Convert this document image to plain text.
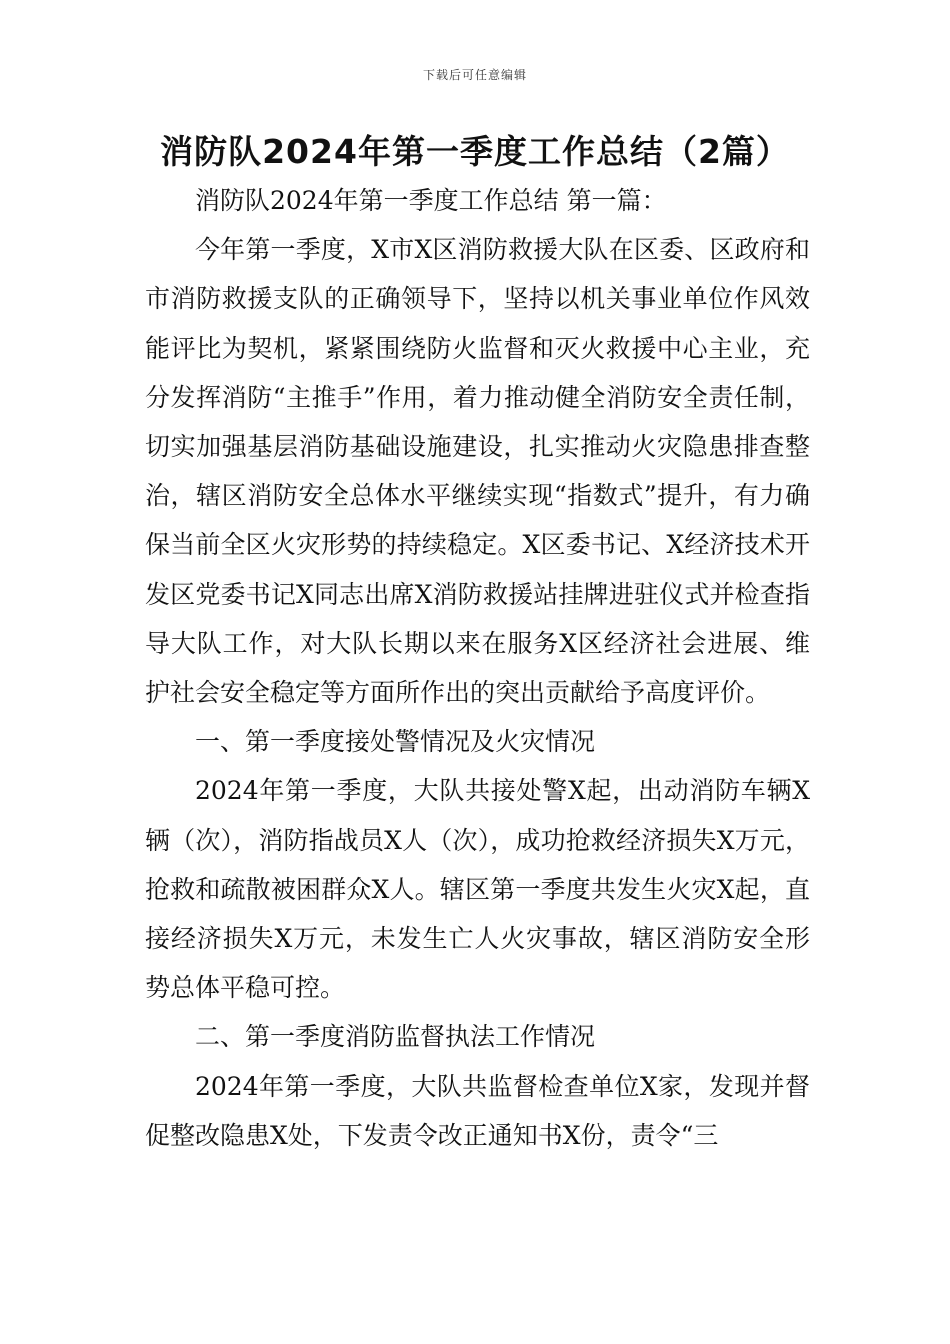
下载后可任意编辑
消防队2024年第一季度工作总结（2篇）

消防队2024年第一季度工作总结 第一篇：

今年第一季度，X市X区消防救援大队在区委、区政府和市消防救援支队的正确领导下，坚持以机关事业单位作风效能评比为契机，紧紧围绕防火监督和灭火救援中心主业，充分发挥消防“主推手”作用，着力推动健全消防安全责任制，切实加强基层消防基础设施建设，扎实推动火灾隐患排查整治，辖区消防安全总体水平继续实现“指数式”提升，有力确保当前全区火灾形势的持续稳定。X区委书记、X经济技术开发区党委书记X同志出席X消防救援站挂牌进驻仪式并检查指导大队工作，对大队长期以来在服务X区经济社会进展、维护社会安全稳定等方面所作出的突出贡献给予高度评价。

一、第一季度接处警情况及火灾情况

2024年第一季度，大队共接处警X起，出动消防车辆X辆（次），消防指战员X人（次），成功抢救经济损失X万元，抢救和疏散被困群众X人。辖区第一季度共发生火灾X起，直接经济损失X万元，未发生亡人火灾事故，辖区消防安全形势总体平稳可控。

二、第一季度消防监督执法工作情况

2024年第一季度，大队共监督检查单位X家，发现并督促整改隐患X处，下发责令改正通知书X份，责令“三
